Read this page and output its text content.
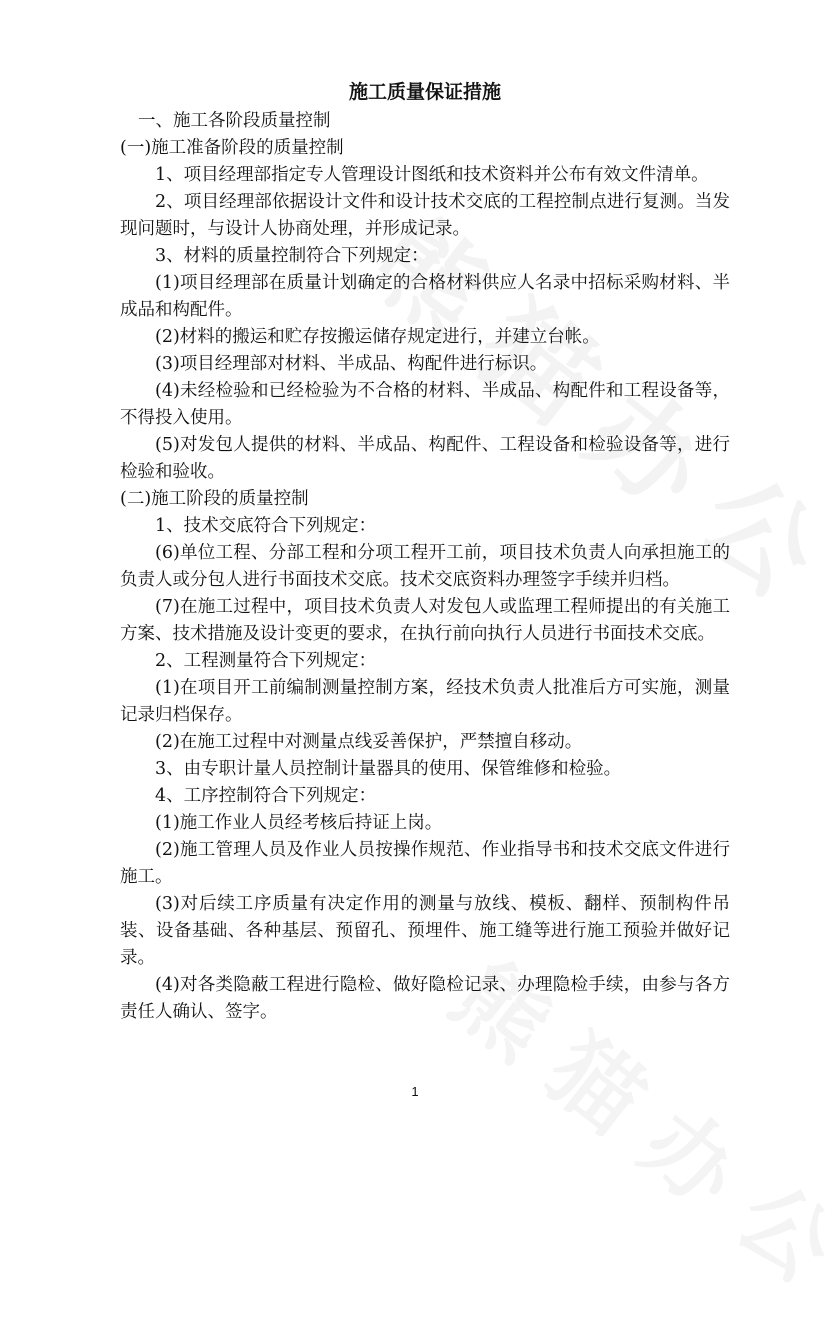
施工质量保证措施

一、施工各阶段质量控制

(一)施工准备阶段的质量控制

1、项目经理部指定专人管理设计图纸和技术资料并公布有效文件清单。

2、项目经理部依据设计文件和设计技术交底的工程控制点进行复测。当发现问题时，与设计人协商处理，并形成记录。

3、材料的质量控制符合下列规定：

(1)项目经理部在质量计划确定的合格材料供应人名录中招标采购材料、半成品和构配件。

(2)材料的搬运和贮存按搬运储存规定进行，并建立台帐。

(3)项目经理部对材料、半成品、构配件进行标识。

(4)未经检验和已经检验为不合格的材料、半成品、构配件和工程设备等，不得投入使用。

(5)对发包人提供的材料、半成品、构配件、工程设备和检验设备等，进行检验和验收。

(二)施工阶段的质量控制

1、技术交底符合下列规定：

(6)单位工程、分部工程和分项工程开工前，项目技术负责人向承担施工的负责人或分包人进行书面技术交底。技术交底资料办理签字手续并归档。

(7)在施工过程中，项目技术负责人对发包人或监理工程师提出的有关施工方案、技术措施及设计变更的要求，在执行前向执行人员进行书面技术交底。

2、工程测量符合下列规定：

(1)在项目开工前编制测量控制方案，经技术负责人批准后方可实施，测量记录归档保存。

(2)在施工过程中对测量点线妥善保护，严禁擅自移动。

3、由专职计量人员控制计量器具的使用、保管维修和检验。

4、工序控制符合下列规定：

(1)施工作业人员经考核后持证上岗。

(2)施工管理人员及作业人员按操作规范、作业指导书和技术交底文件进行施工。

(3)对后续工序质量有决定作用的测量与放线、模板、翻样、预制构件吊装、设备基础、各种基层、预留孔、预埋件、施工缝等进行施工预验并做好记录。

(4)对各类隐蔽工程进行隐检、做好隐检记录、办理隐检手续，由参与各方责任人确认、签字。

1
